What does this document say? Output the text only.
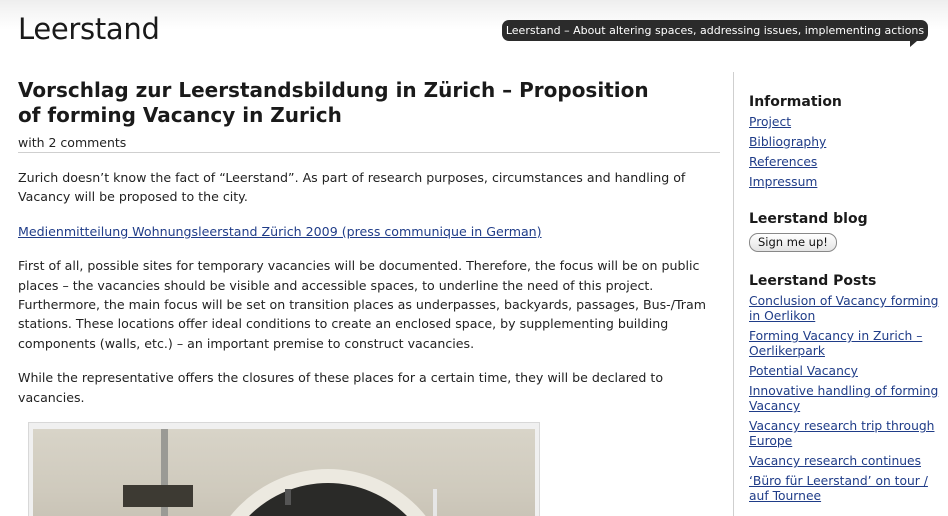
Leerstand	Leerstand – About altering spaces, addressing issues, implementing actions
Vorschlag zur Leerstandsbildung in Zürich – Proposition of forming Vacancy in Zurich
with 2 comments

Zurich doesn’t know the fact of “Leerstand”. As part of research purposes, circumstances and handling of Vacancy will be proposed to the city.

Medienmitteilung Wohnungsleerstand Zürich 2009 (press communique in German)

First of all, possible sites for temporary vacancies will be documented. Therefore, the focus will be on public places – the vacancies should be visible and accessible spaces, to underline the need of this project. Furthermore, the main focus will be set on transition places as underpasses, backyards, passages, Bus-/Tram stations. These locations offer ideal conditions to create an enclosed space, by supplementing building components (walls, etc.) – an important premise to construct vacancies.

While the representative offers the closures of these places for a certain time, they will be declared to vacancies.

Information
Project
Bibliography
References
Impressum
Leerstand blog
Sign me up!
Leerstand Posts
Conclusion of Vacancy forming in Oerlikon
Forming Vacancy in Zurich – Oerlikerpark
Potential Vacancy
Innovative handling of forming Vacancy
Vacancy research trip through Europe
Vacancy research continues
‘Büro für Leerstand’ on tour / auf Tournee
